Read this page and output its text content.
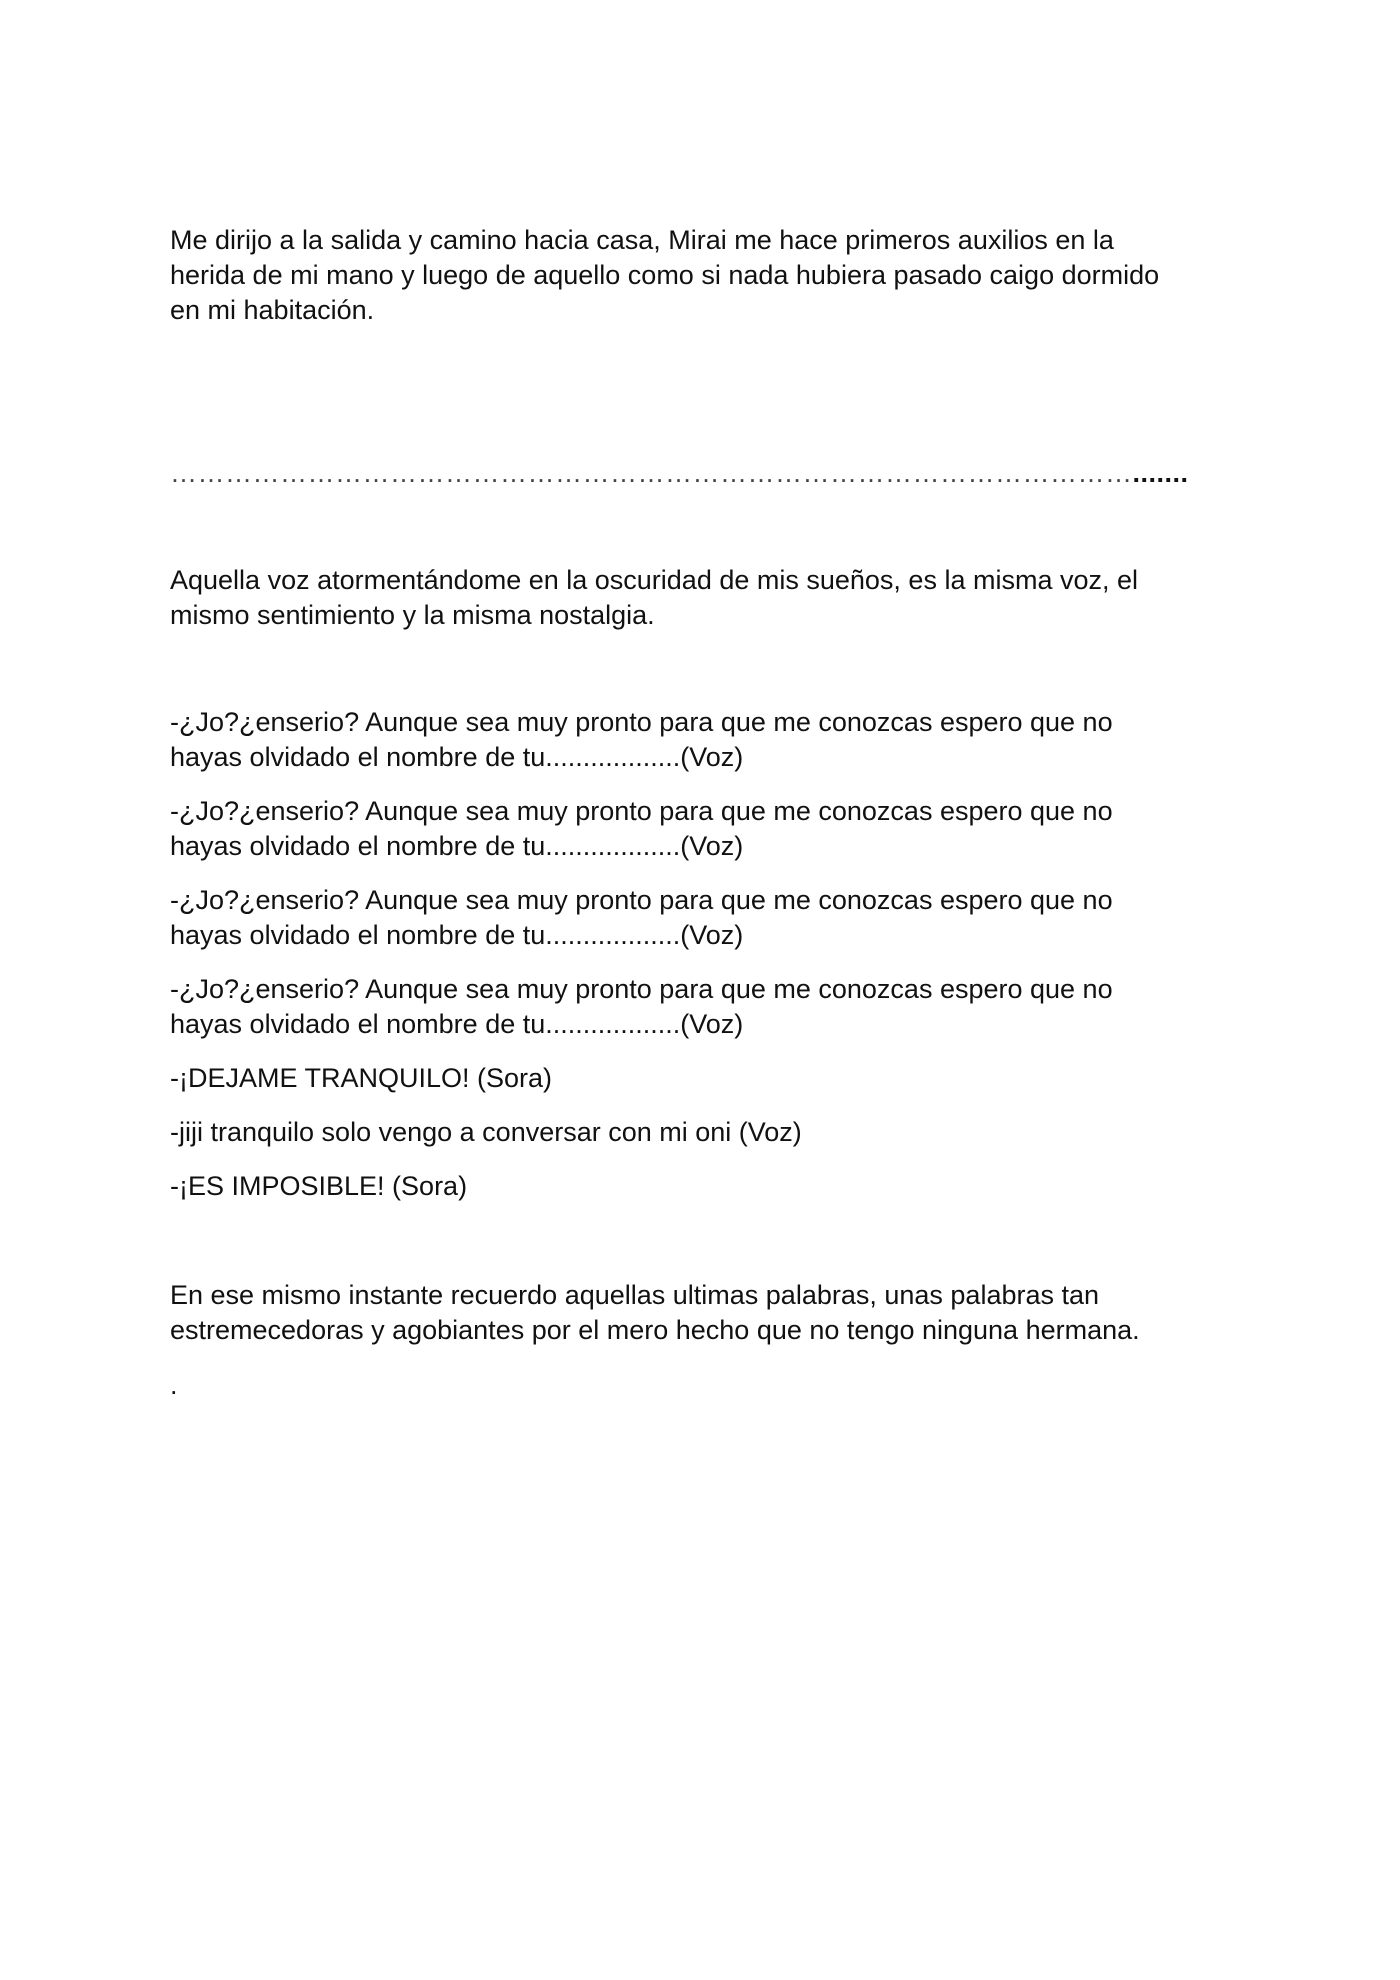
Me dirijo a la salida y camino hacia casa, Mirai me hace primeros auxilios en la
herida de mi mano y luego de aquello como si nada hubiera pasado caigo dormido
en mi habitación.
…………………………………………………………………………………………….......
Aquella voz atormentándome en la oscuridad de mis sueños, es la misma voz, el
mismo sentimiento y la misma nostalgia.
-¿Jo?¿enserio? Aunque sea muy pronto para que me conozcas espero que no
hayas olvidado el nombre de tu..................(Voz)
-¿Jo?¿enserio? Aunque sea muy pronto para que me conozcas espero que no
hayas olvidado el nombre de tu..................(Voz)
-¿Jo?¿enserio? Aunque sea muy pronto para que me conozcas espero que no
hayas olvidado el nombre de tu..................(Voz)
-¿Jo?¿enserio? Aunque sea muy pronto para que me conozcas espero que no
hayas olvidado el nombre de tu..................(Voz)
-¡DEJAME TRANQUILO! (Sora)
-jiji tranquilo solo vengo a conversar con mi oni (Voz)
-¡ES IMPOSIBLE! (Sora)
En ese mismo instante recuerdo aquellas ultimas palabras, unas palabras tan
estremecedoras y agobiantes por el mero hecho que no tengo ninguna hermana.
.
